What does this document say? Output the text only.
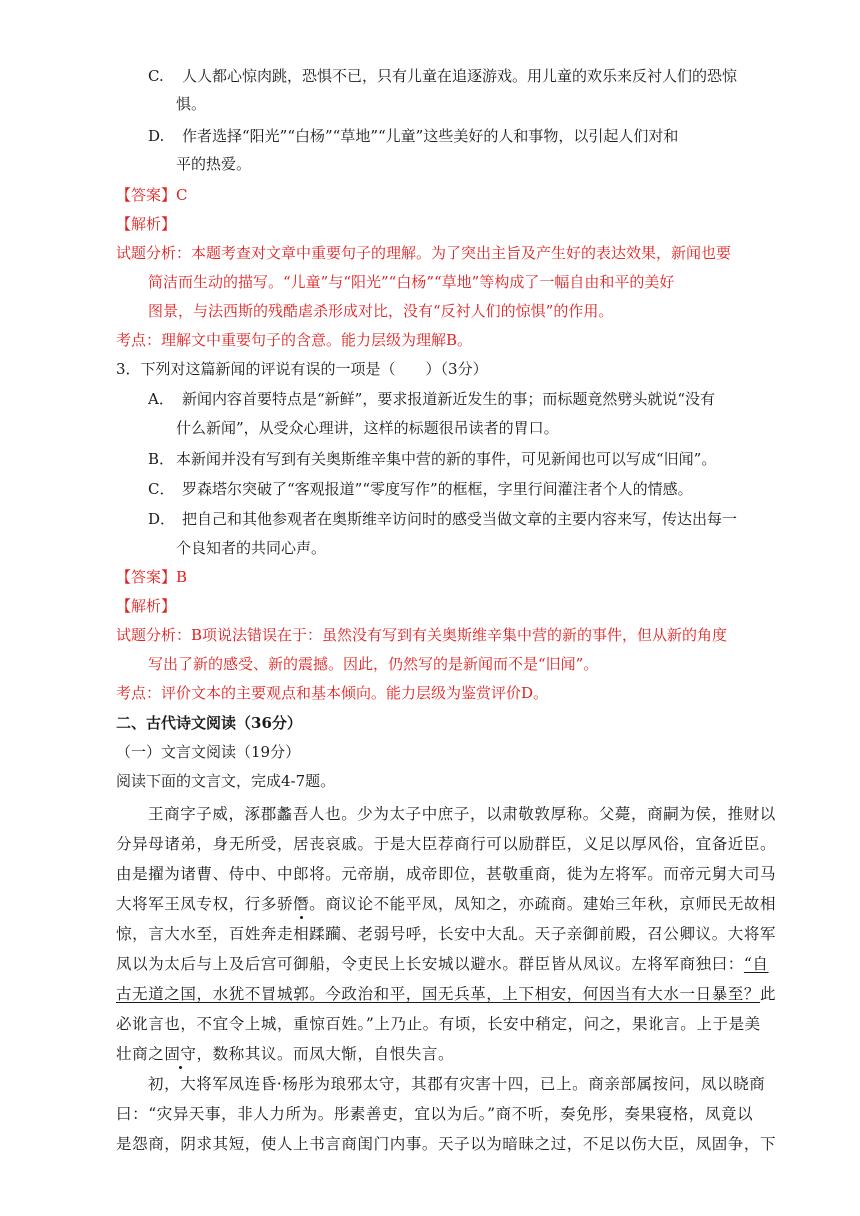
C. 人人都心惊肉跳，恐惧不已，只有儿童在追逐游戏。用儿童的欢乐来反衬人们的恐惊
惧。
D. 作者选择“阳光”“白杨”“草地”“儿童”这些美好的人和事物，以引起人们对和
平的热爱。
【答案】C
【解析】
试题分析：本题考查对文章中重要句子的理解。为了突出主旨及产生好的表达效果，新闻也要
简洁而生动的描写。“儿童”与“阳光”“白杨”“草地”等构成了一幅自由和平的美好
图景，与法西斯的残酷虐杀形成对比，没有“反衬人们的惊惧”的作用。
考点：理解文中重要句子的含意。能力层级为理解B。
3．下列对这篇新闻的评说有误的一项是（　　）（3分）
A． 新闻内容首要特点是“新鲜”，要求报道新近发生的事；而标题竟然劈头就说“没有
什么新闻”，从受众心理讲，这样的标题很吊读者的胃口。
B． 本新闻并没有写到有关奥斯维辛集中营的新的事件，可见新闻也可以写成“旧闻”。
C． 罗森塔尔突破了“客观报道”“零度写作”的框框，字里行间灌注者个人的情感。
D． 把自己和其他参观者在奥斯维辛访问时的感受当做文章的主要内容来写，传达出每一
个良知者的共同心声。
【答案】B
【解析】
试题分析：B项说法错误在于：虽然没有写到有关奥斯维辛集中营的新的事件，但从新的角度
写出了新的感受、新的震撼。因此，仍然写的是新闻而不是“旧闻”。
考点：评价文本的主要观点和基本倾向。能力层级为鉴赏评价D。
二、古代诗文阅读（36分）
（一）文言文阅读（19分）
阅读下面的文言文，完成4-7题。
王商字子威，涿郡蠡吾人也。少为太子中庶子，以肃敬敦厚称。父薨，商嗣为侯，推财以
分异母诸弟，身无所受，居丧哀戚。于是大臣荐商行可以励群臣，义足以厚风俗，宜备近臣。
由是擢为诸曹、侍中、中郎将。元帝崩，成帝即位，甚敬重商，徙为左将军。而帝元舅大司马
大将军王凤专权，行多骄僭。商议论不能平凤，凤知之，亦疏商。建始三年秋，京师民无故相
惊，言大水至，百姓奔走相蹂躏、老弱号呼，长安中大乱。天子亲御前殿，召公卿议。大将军
凤以为太后与上及后宫可御船，令吏民上长安城以避水。群臣皆从凤议。左将军商独曰：“自
古无道之国，水犹不冒城郭。今政治和平，国无兵革，上下相安，何因当有大水一日暴至？此
必讹言也，不宜令上城，重惊百姓。”上乃止。有顷，长安中稍定，问之，果讹言。上于是美
壮商之固守，数称其议。而凤大惭，自恨失言。
初，大将军凤连昏·杨彤为琅邪太守，其郡有灾害十四，已上。商亲部属按问，凤以晓商
曰：“灾异天事，非人力所为。彤素善吏，宜以为后。”商不听，奏免彤，奏果寝格，凤竟以
是怨商，阴求其短，使人上书言商闺门内事。天子以为暗昧之过，不足以伤大臣，凤固争，下
